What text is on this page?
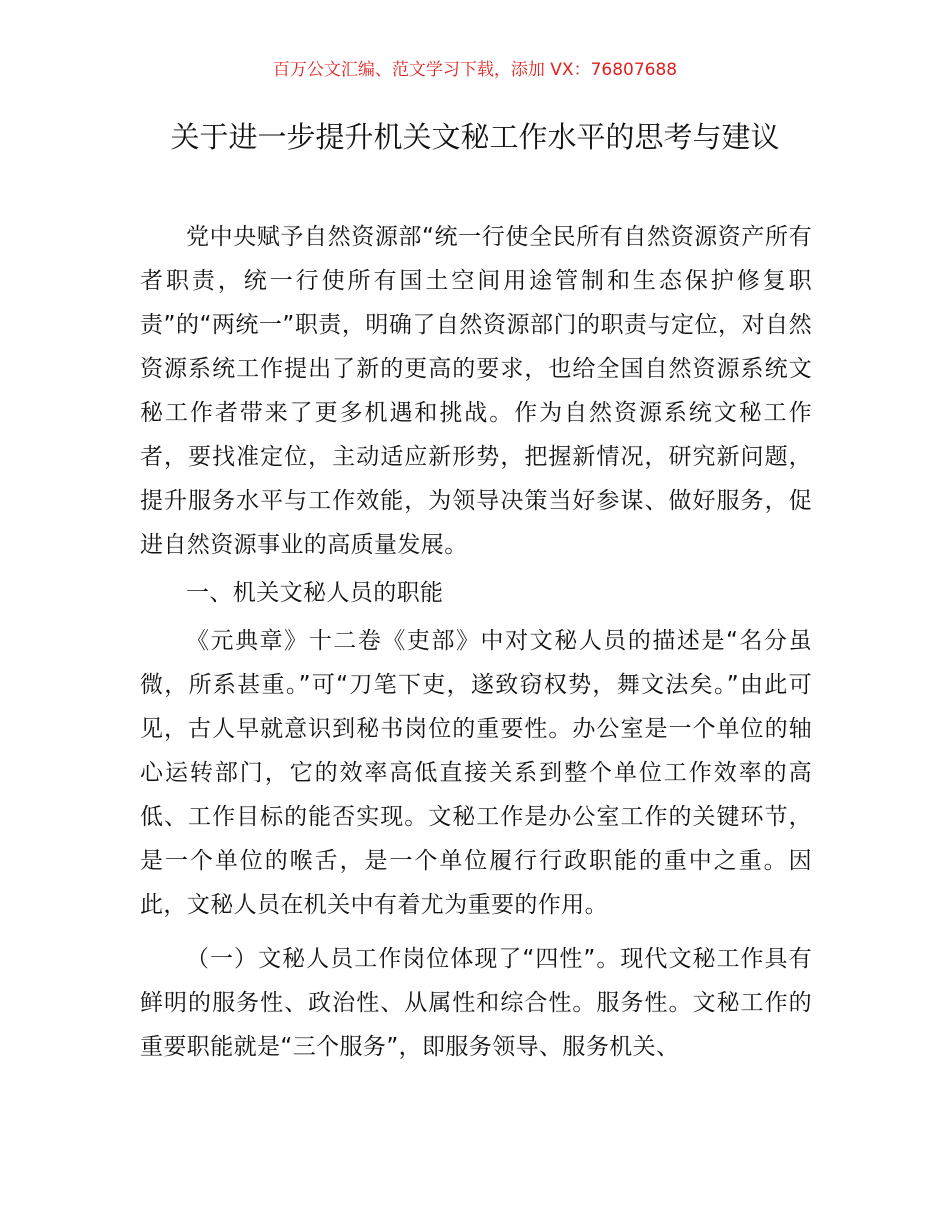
百万公文汇编、范文学习下载，添加 VX：76807688
关于进一步提升机关文秘工作水平的思考与建议

党中央赋予自然资源部“统一行使全民所有自然资源资产所有者职责，统一行使所有国土空间用途管制和生态保护修复职责”的“两统一”职责，明确了自然资源部门的职责与定位，对自然资源系统工作提出了新的更高的要求，也给全国自然资源系统文秘工作者带来了更多机遇和挑战。作为自然资源系统文秘工作者，要找准定位，主动适应新形势，把握新情况，研究新问题，提升服务水平与工作效能，为领导决策当好参谋、做好服务，促进自然资源事业的高质量发展。

一、机关文秘人员的职能

《元典章》十二卷《吏部》中对文秘人员的描述是“名分虽微，所系甚重。”可“刀笔下吏，遂致窃权势，舞文法矣。”由此可见，古人早就意识到秘书岗位的重要性。办公室是一个单位的轴心运转部门，它的效率高低直接关系到整个单位工作效率的高低、工作目标的能否实现。文秘工作是办公室工作的关键环节，是一个单位的喉舌，是一个单位履行行政职能的重中之重。因此，文秘人员在机关中有着尤为重要的作用。

（一）文秘人员工作岗位体现了“四性”。现代文秘工作具有鲜明的服务性、政治性、从属性和综合性。服务性。文秘工作的重要职能就是“三个服务”，即服务领导、服务机关、
